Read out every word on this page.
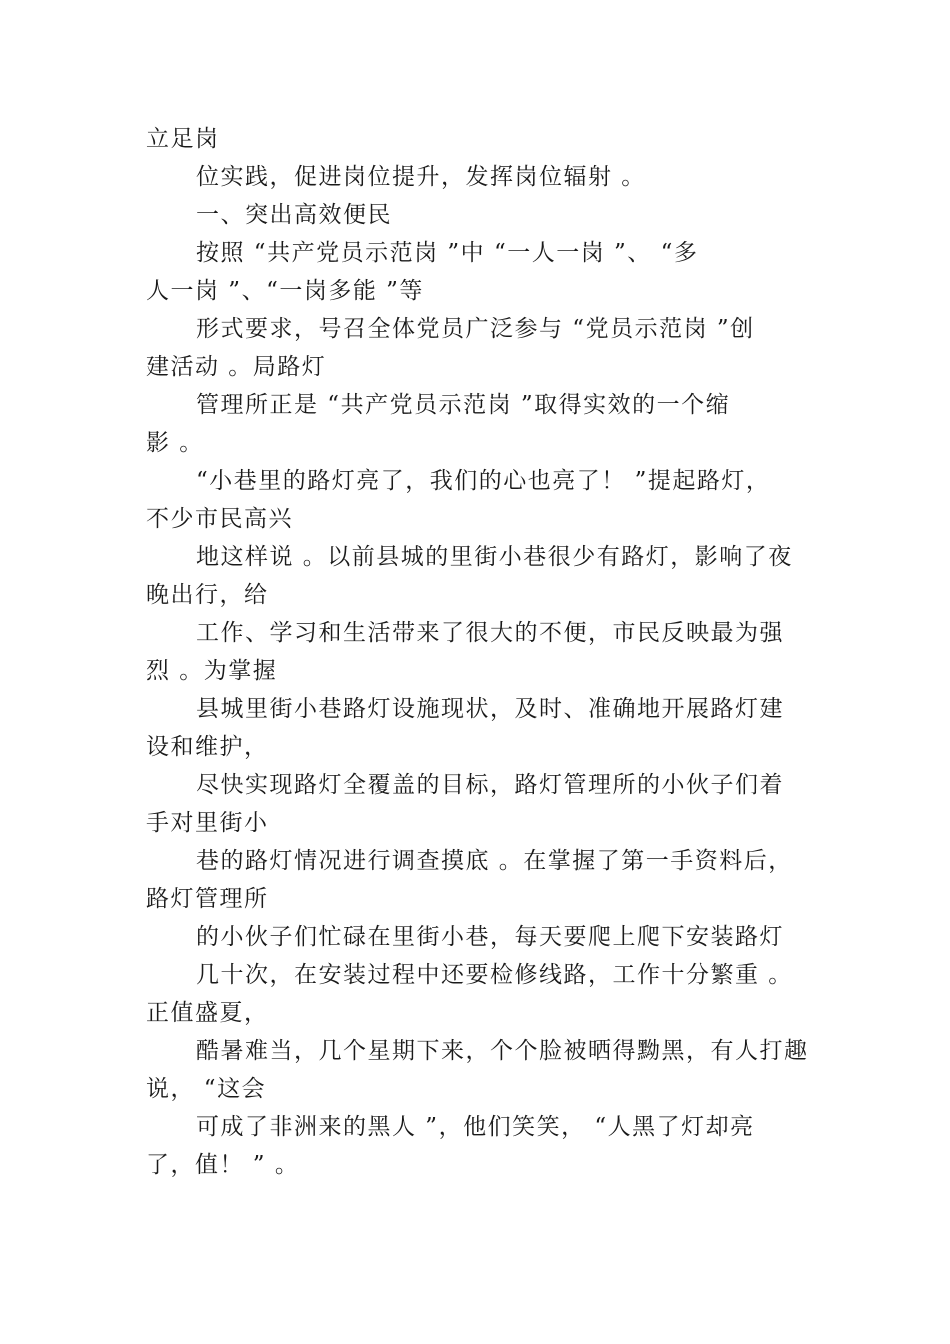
立足岗
位实践，促进岗位提升，发挥岗位辐射 。
一、突出高效便民
按照 “共产党员示范岗 ”中 “一人一岗 ”、 “多
人一岗 ”、“一岗多能 ”等
形式要求，号召全体党员广泛参与 “党员示范岗 ”创
建活动 。局路灯
管理所正是 “共产党员示范岗 ”取得实效的一个缩
影 。
“小巷里的路灯亮了，我们的心也亮了！ ”提起路灯，
不少市民高兴
地这样说 。以前县城的里街小巷很少有路灯，影响了夜
晚出行，给
工作、学习和生活带来了很大的不便，市民反映最为强
烈 。为掌握
县城里街小巷路灯设施现状，及时、准确地开展路灯建
设和维护，
尽快实现路灯全覆盖的目标，路灯管理所的小伙子们着
手对里街小
巷的路灯情况进行调查摸底 。在掌握了第一手资料后，
路灯管理所
的小伙子们忙碌在里街小巷，每天要爬上爬下安装路灯
几十次，在安装过程中还要检修线路，工作十分繁重 。
正值盛夏，
酷暑难当，几个星期下来，个个脸被晒得黝黑，有人打趣
说， “这会
可成了非洲来的黑人 ”，他们笑笑， “人黑了灯却亮
了，值！ ” 。
